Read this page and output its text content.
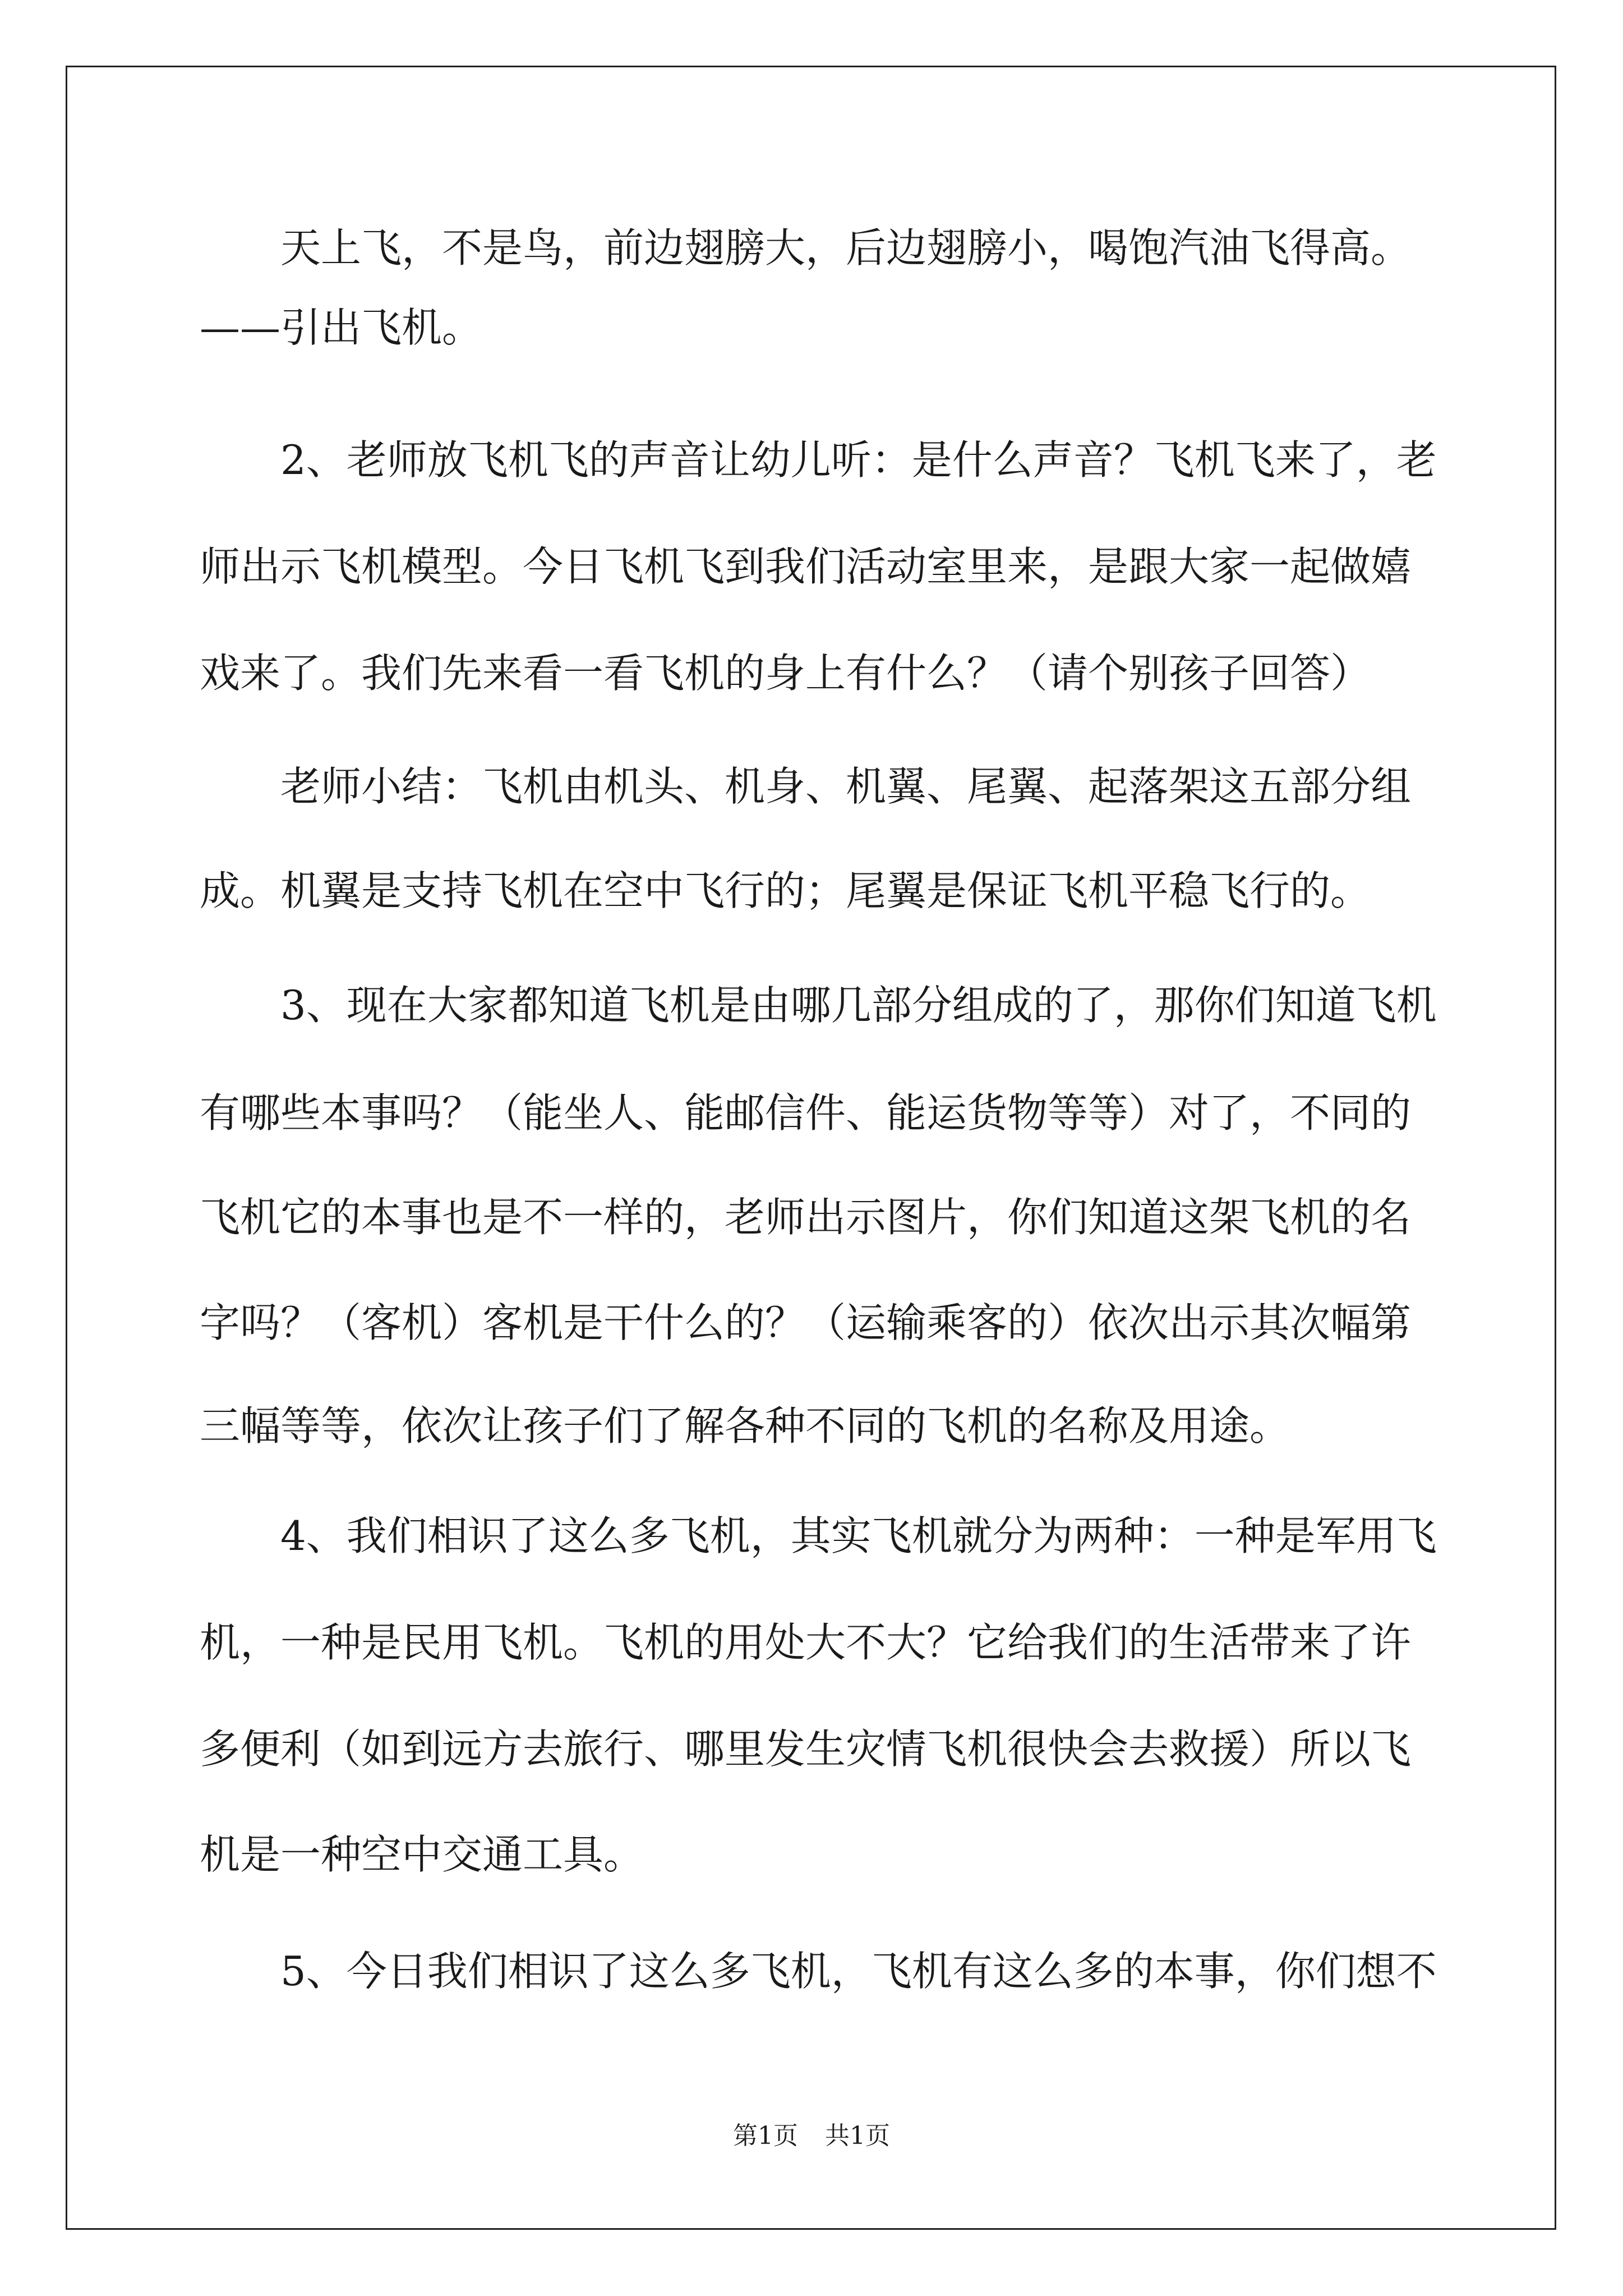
天上飞，不是鸟，前边翅膀大，后边翅膀小，喝饱汽油飞得高。
——引出飞机。
2、老师放飞机飞的声音让幼儿听：是什么声音？飞机飞来了，老
师出示飞机模型。今日飞机飞到我们活动室里来，是跟大家一起做嬉
戏来了。我们先来看一看飞机的身上有什么？（请个别孩子回答）
老师小结：飞机由机头、机身、机翼、尾翼、起落架这五部分组
成。机翼是支持飞机在空中飞行的；尾翼是保证飞机平稳飞行的。
3、现在大家都知道飞机是由哪几部分组成的了，那你们知道飞机
有哪些本事吗？（能坐人、能邮信件、能运货物等等）对了，不同的
飞机它的本事也是不一样的，老师出示图片，你们知道这架飞机的名
字吗？（客机）客机是干什么的？（运输乘客的）依次出示其次幅第
三幅等等，依次让孩子们了解各种不同的飞机的名称及用途。
4、我们相识了这么多飞机，其实飞机就分为两种：一种是军用飞
机，一种是民用飞机。飞机的用处大不大？它给我们的生活带来了许
多便利（如到远方去旅行、哪里发生灾情飞机很快会去救援）所以飞
机是一种空中交通工具。
5、今日我们相识了这么多飞机，飞机有这么多的本事，你们想不
第1页 共1页
